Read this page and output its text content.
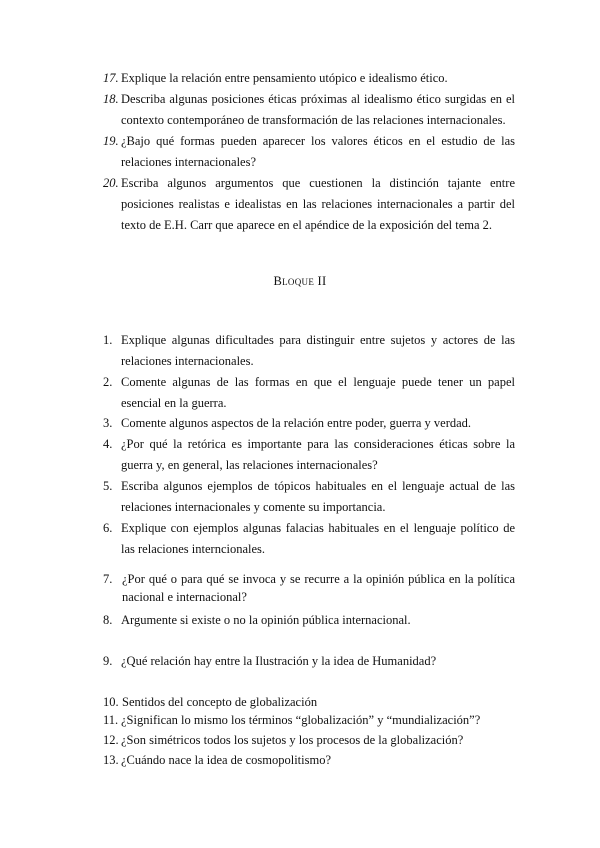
17. Explique la relación entre pensamiento utópico e idealismo ético.
18. Describa algunas posiciones éticas próximas al idealismo ético surgidas en el contexto contemporáneo de transformación de las relaciones internacionales.
19. ¿Bajo qué formas pueden aparecer los valores éticos en el estudio de las relaciones internacionales?
20. Escriba algunos argumentos que cuestionen la distinción tajante entre posiciones realistas e idealistas en las relaciones internacionales a partir del texto de E.H. Carr que aparece en el apéndice de la exposición del tema 2.
Bloque II
1. Explique algunas dificultades para distinguir entre sujetos y actores de las relaciones internacionales.
2. Comente algunas de las formas en que el lenguaje puede tener un papel esencial en la guerra.
3. Comente algunos aspectos de la relación entre poder, guerra y verdad.
4. ¿Por qué la retórica es importante para las consideraciones éticas sobre la guerra y, en general, las relaciones internacionales?
5. Escriba algunos ejemplos de tópicos habituales en el lenguaje actual de las relaciones internacionales y comente su importancia.
6. Explique con ejemplos algunas falacias habituales en el lenguaje político de las relaciones interncionales.
7. ¿Por qué o para qué se invoca y se recurre a la opinión pública en la política nacional e internacional?
8. Argumente si existe o no la opinión pública internacional.
9. ¿Qué relación hay entre la Ilustración y la idea de Humanidad?
10. Sentidos del concepto de globalización
11. ¿Significan lo mismo los términos “globalización” y “mundialización”?
12. ¿Son simétricos todos los sujetos y los procesos de la globalización?
13. ¿Cuándo nace la idea de cosmopolitismo?
